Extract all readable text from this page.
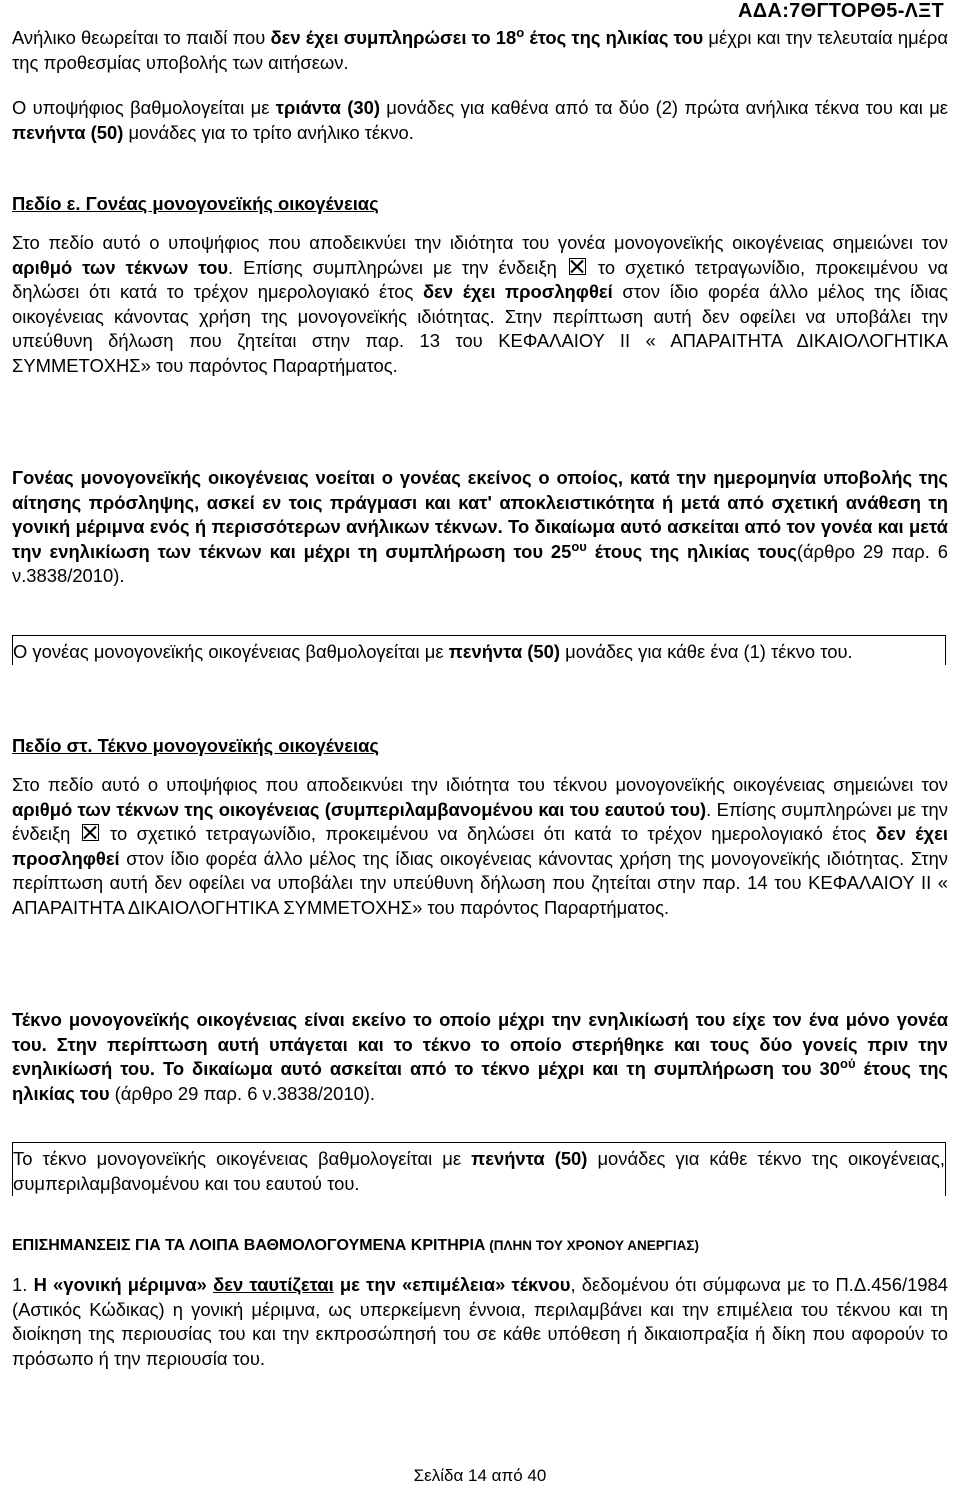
ΑΔΑ:7ΘΓΤΟΡΘ5-ΛΞΤ
Ανήλικο θεωρείται το παιδί που δεν έχει συμπληρώσει το $18^o$ έτος της ηλικίας του μέχρι και την τελευταία ημέρα της προθεσμίας υποβολής των αιτήσεων.
Ο υποψήφιος βαθμολογείται με τριάντα (30) μονάδες για καθένα από τα δύο (2) πρώτα ανήλικα τέκνα του και με πενήντα (50) μονάδες για το τρίτο ανήλικο τέκνο.
Πεδίο ε. Γονέας μονογονεϊκής οικογένειας
Στο πεδίο αυτό ο υποψήφιος που αποδεικνύει την ιδιότητα του γονέα μονογονεϊκής οικογένειας σημειώνει τον αριθμό των τέκνων του. Επίσης συμπληρώνει με την ένδειξη  το σχετικό τετραγωνίδιο, προκειμένου να δηλώσει ότι κατά το τρέχον ημερολογιακό έτος δεν έχει προσληφθεί στον ίδιο φορέα άλλο μέλος της ίδιας οικογένειας κάνοντας χρήση της μονογονεϊκής ιδιότητας. Στην περίπτωση αυτή δεν οφείλει να υποβάλει την υπεύθυνη δήλωση που ζητείται στην παρ. 13 του ΚΕΦΑΛΑΙΟΥ ΙΙ « ΑΠΑΡΑΙΤΗΤΑ ΔΙΚΑΙΟΛΟΓΗΤΙΚΑ ΣΥΜΜΕΤΟΧΗΣ» του παρόντος Παραρτήματος.
Γονέας μονογονεϊκής οικογένειας νοείται ο γονέας εκείνος ο οποίος, κατά την ημερομηνία υποβολής της αίτησης πρόσληψης, ασκεί εν τοις πράγμασι και κατ' αποκλειστικότητα ή μετά από σχετική ανάθεση τη γονική μέριμνα ενός ή περισσότερων ανήλικων τέκνων. Το δικαίωμα αυτό ασκείται από τον γονέα και μετά την ενηλικίωση των τέκνων και μέχρι τη συμπλήρωση του $25^{o\upsilon}$ έτους της ηλικίας τους(άρθρο 29 παρ. 6 ν.3838/2010).
Ο γονέας μονογονεϊκής οικογένειας βαθμολογείται με πενήντα (50) μονάδες για κάθε ένα (1) τέκνο του.
Πεδίο στ. Τέκνο μονογονεϊκής οικογένειας
Στο πεδίο αυτό ο υποψήφιος που αποδεικνύει την ιδιότητα του τέκνου μονογονεϊκής οικογένειας σημειώνει τον αριθμό των τέκνων της οικογένειας (συμπεριλαμβανομένου και του εαυτού του). Επίσης συμπληρώνει με την ένδειξη  το σχετικό τετραγωνίδιο, προκειμένου να δηλώσει ότι κατά το τρέχον ημερολογιακό έτος δεν έχει προσληφθεί στον ίδιο φορέα άλλο μέλος της ίδιας οικογένειας κάνοντας χρήση της μονογονεϊκής ιδιότητας. Στην περίπτωση αυτή δεν οφείλει να υποβάλει την υπεύθυνη δήλωση που ζητείται στην παρ. 14 του ΚΕΦΑΛΑΙΟΥ ΙΙ « ΑΠΑΡΑΙΤΗΤΑ ΔΙΚΑΙΟΛΟΓΗΤΙΚΑ ΣΥΜΜΕΤΟΧΗΣ» του παρόντος Παραρτήματος.
Τέκνο μονογονεϊκής οικογένειας είναι εκείνο το οποίο μέχρι την ενηλικίωσή του είχε τον ένα μόνο γονέα του. Στην περίπτωση αυτή υπάγεται και το τέκνο το οποίο στερήθηκε και τους δύο γονείς πριν την ενηλικίωσή του. Το δικαίωμα αυτό ασκείται από το τέκνο μέχρι και τη συμπλήρωση του $30^{oύ}$ έτους της ηλικίας του (άρθρο 29 παρ. 6 ν.3838/2010).
Το τέκνο μονογονεϊκής οικογένειας βαθμολογείται με πενήντα (50) μονάδες για κάθε τέκνο της οικογένειας, συμπεριλαμβανομένου και του εαυτού του.
ΕΠΙΣΗΜΑΝΣΕΙΣ ΓΙΑ ΤΑ ΛΟΙΠΑ ΒΑΘΜΟΛΟΓΟΥΜΕΝΑ ΚΡΙΤΗΡΙΑ (ΠΛΗΝ ΤΟΥ ΧΡΟΝΟΥ ΑΝΕΡΓΙΑΣ)
1. Η «γονική μέριμνα» δεν ταυτίζεται με την «επιμέλεια» τέκνου, δεδομένου ότι σύμφωνα με το Π.Δ.456/1984 (Αστικός Κώδικας) η γονική μέριμνα, ως υπερκείμενη έννοια, περιλαμβάνει και την επιμέλεια του τέκνου και τη διοίκηση της περιουσίας του και την εκπροσώπησή του σε κάθε υπόθεση ή δικαιοπραξία ή δίκη που αφορούν το πρόσωπο ή την περιουσία του.
Σελίδα 14 από 40
